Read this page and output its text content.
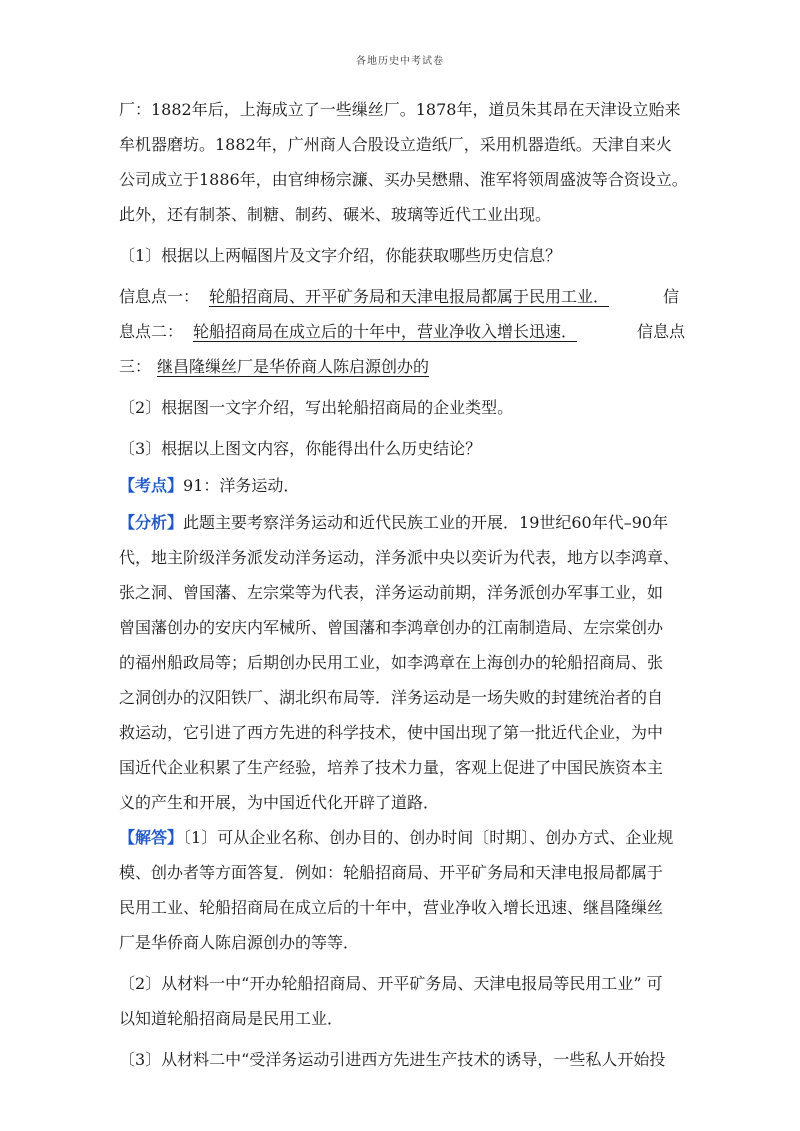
各地历史中考试卷
厂：1882年后，上海成立了一些缫丝厂。1878年，道员朱其昂在天津设立贻来
牟机器磨坊。1882年，广州商人合股设立造纸厂，采用机器造纸。天津自来火
公司成立于1886年，由官绅杨宗濂、买办吴懋鼎、淮军将领周盛波等合资设立。
此外，还有制茶、制糖、制药、碾米、玻璃等近代工业出现。
〔1〕根据以上两幅图片及文字介绍，你能获取哪些历史信息？
信息点一： 轮船招商局、开平矿务局和天津电报局都属于民用工业．	信
息点二： 轮船招商局在成立后的十年中，营业净收入增长迅速．	信息点
三： 继昌隆缫丝厂是华侨商人陈启源创办的
〔2〕根据图一文字介绍，写出轮船招商局的企业类型。
〔3〕根据以上图文内容，你能得出什么历史结论？
【考点】91：洋务运动．
【分析】此题主要考察洋务运动和近代民族工业的开展．19世纪60年代–90年
代，地主阶级洋务派发动洋务运动，洋务派中央以奕䜣为代表，地方以李鸿章、
张之洞、曾国藩、左宗棠等为代表，洋务运动前期，洋务派创办军事工业，如
曾国藩创办的安庆内军械所、曾国藩和李鸿章创办的江南制造局、左宗棠创办
的福州船政局等；后期创办民用工业，如李鸿章在上海创办的轮船招商局、张
之洞创办的汉阳铁厂、湖北织布局等．洋务运动是一场失败的封建统治者的自
救运动，它引进了西方先进的科学技术，使中国出现了第一批近代企业，为中
国近代企业积累了生产经验，培养了技术力量，客观上促进了中国民族资本主
义的产生和开展，为中国近代化开辟了道路．
【解答】〔1〕可从企业名称、创办目的、创办时间〔时期〕、创办方式、企业规
模、创办者等方面答复．例如：轮船招商局、开平矿务局和天津电报局都属于
民用工业、轮船招商局在成立后的十年中，营业净收入增长迅速、继昌隆缫丝
厂是华侨商人陈启源创办的等等．
〔2〕从材料一中“开办轮船招商局、开平矿务局、天津电报局等民用工业” 可
以知道轮船招商局是民用工业．
〔3〕从材料二中“受洋务运动引进西方先进生产技术的诱导，一些私人开始投
